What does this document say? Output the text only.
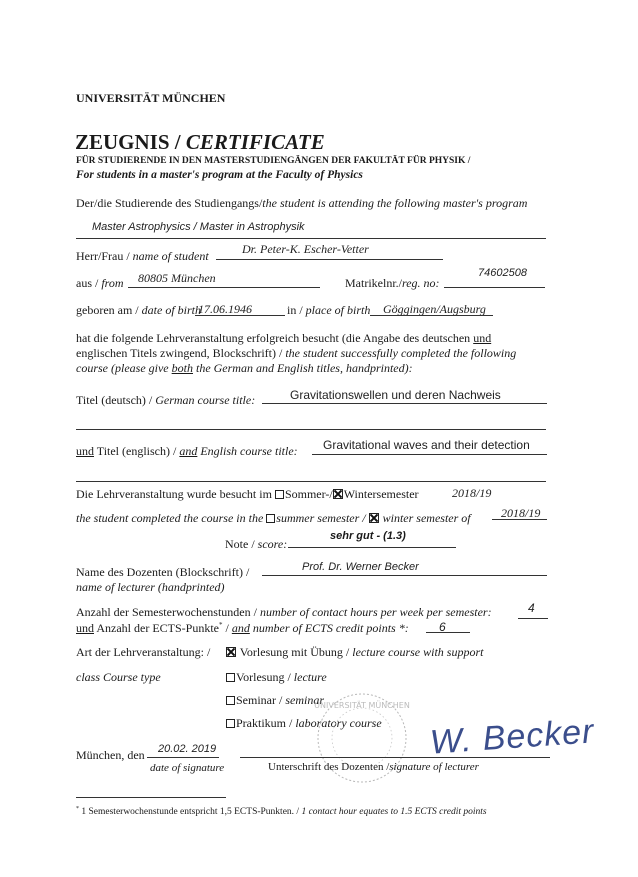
UNIVERSITÄT MÜNCHEN
ZEUGNIS / CERTIFICATE
FÜR STUDIERENDE IN DEN MASTERSTUDIENGÄNGEN DER FAKULTÄT FÜR PHYSIK /
For students in a master's program at the Faculty of Physics
Der/die Studierende des Studiengangs/the student is attending the following master's program
Master Astrophysics / Master in Astrophysik
Herr/Frau / name of student	Dr. Peter-K. Escher-Vetter
aus / from 80805 München	Matrikelnr./reg. no:
74602508
geboren am / date of birth
17.06.1946	in / place of birth Göggingen/Augsburg
hat die folgende Lehrveranstaltung erfolgreich besucht (die Angabe des deutschen und
englischen Titels zwingend, Blockschrift) / the student successfully completed the following
course (please give both the German and English titles, handprinted):
Titel (deutsch) / German course title:	Gravitationswellen und deren Nachweis
und Titel (englisch) / and English course title: Gravitational waves and their detection
Die Lehrveranstaltung wurde besucht im Sommer-/ Wintersemester	2018/19
the student completed the course in the summer semester / winter semester of	2018/19
Note / score:
sehr gut - (1.3)
Name des Dozenten (Blockschrift) /	Prof. Dr. Werner Becker
name of lecturer (handprinted)
Anzahl der Semesterwochenstunden / number of contact hours per week per semester:	4
und Anzahl der ECTS-Punkte* / and number of ECTS credit points *:	6
Art der Lehrveranstaltung: /	Vorlesung mit Übung / lecture course with support
class Course type	Vorlesung / lecture
Seminar / seminar
Praktikum / laboratory course
UNIVERSITÄT MÜNCHEN
München, den 20.02. 2019
date of signature
W. Becker
Unterschrift des Dozenten /signature of lecturer
* 1 Semesterwochenstunde entspricht 1,5 ECTS-Punkten. / 1 contact hour equates to 1.5 ECTS credit points
